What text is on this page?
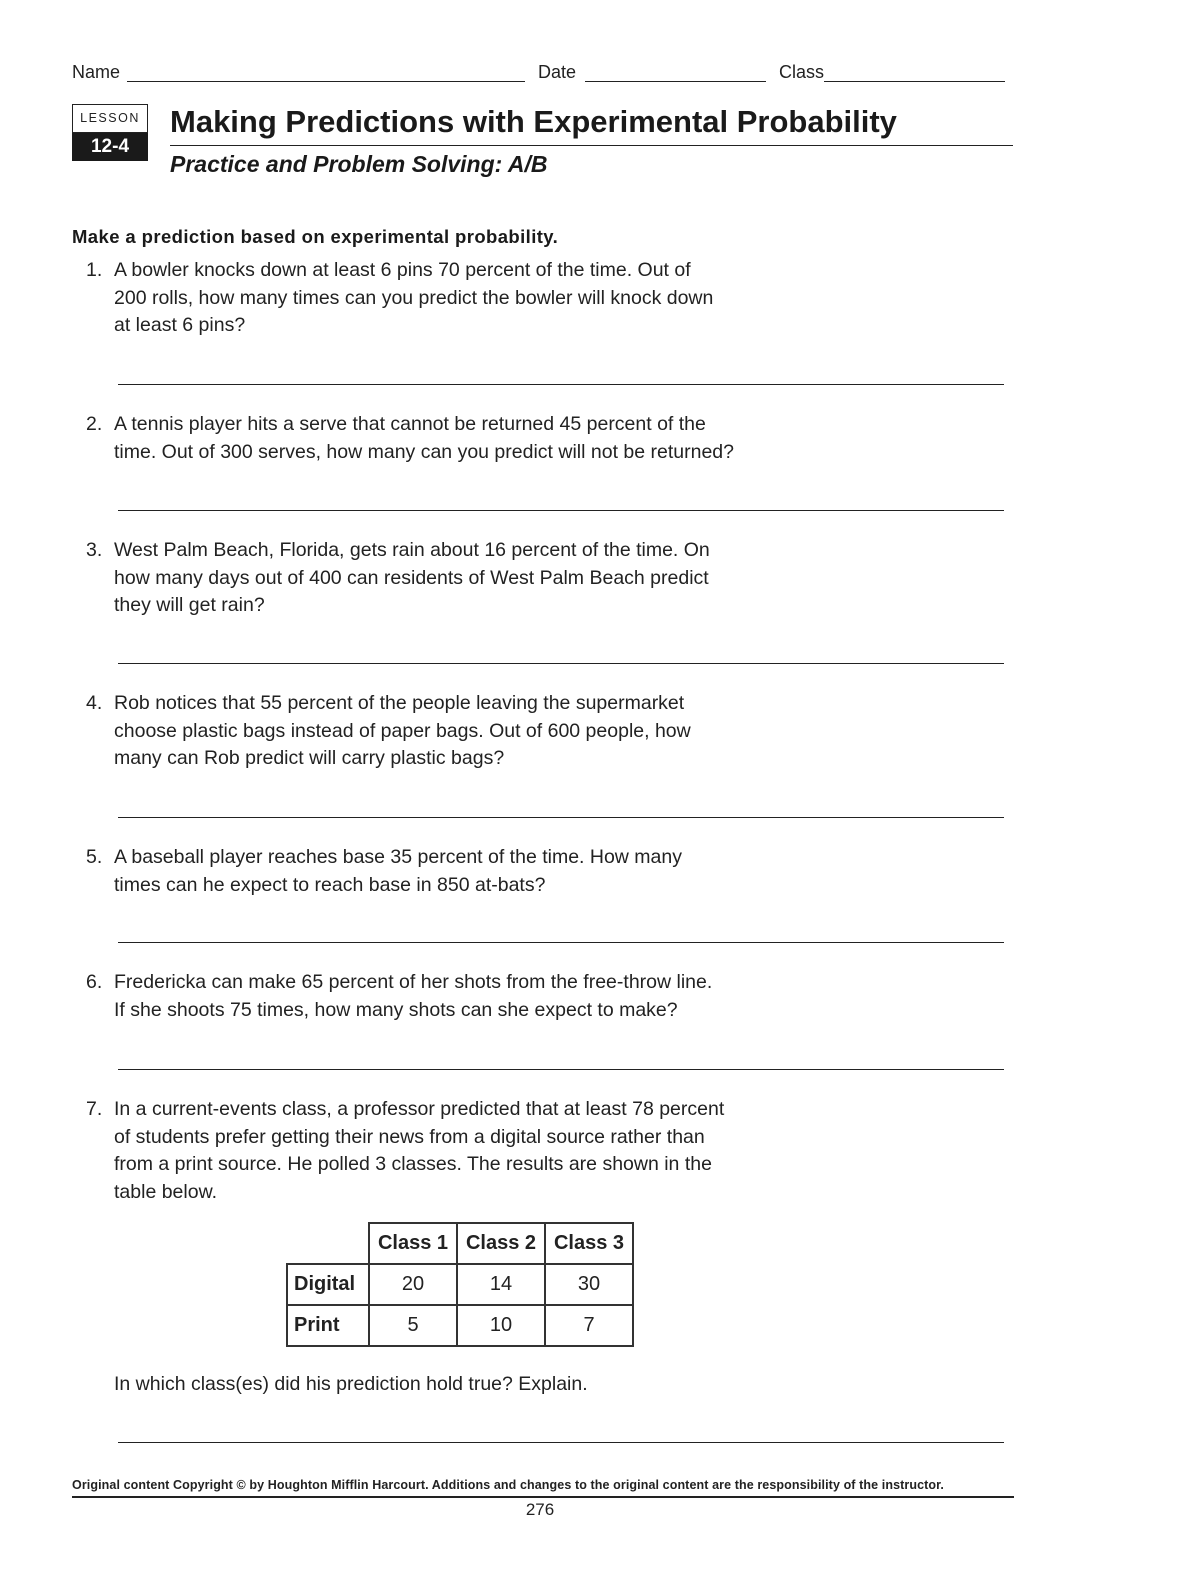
Name	Date	Class
LESSON
12-4
Making Predictions with Experimental Probability
Practice and Problem Solving: A/B
Make a prediction based on experimental probability.
1. A bowler knocks down at least 6 pins 70 percent of the time. Out of
200 rolls, how many times can you predict the bowler will knock down
at least 6 pins?
2. A tennis player hits a serve that cannot be returned 45 percent of the
time. Out of 300 serves, how many can you predict will not be returned?
3. West Palm Beach, Florida, gets rain about 16 percent of the time. On
how many days out of 400 can residents of West Palm Beach predict
they will get rain?
4. Rob notices that 55 percent of the people leaving the supermarket
choose plastic bags instead of paper bags. Out of 600 people, how
many can Rob predict will carry plastic bags?
5. A baseball player reaches base 35 percent of the time. How many
times can he expect to reach base in 850 at-bats?
6. Fredericka can make 65 percent of her shots from the free-throw line.
If she shoots 75 times, how many shots can she expect to make?
7. In a current-events class, a professor predicted that at least 78 percent
of students prefer getting their news from a digital source rather than
from a print source. He polled 3 classes. The results are shown in the
table below.
	Class 1	Class 2	Class 3
Digital	20	14	30
Print	5	10	7
In which class(es) did his prediction hold true? Explain.
Original content Copyright © by Houghton Mifflin Harcourt. Additions and changes to the original content are the responsibility of the instructor.
276
